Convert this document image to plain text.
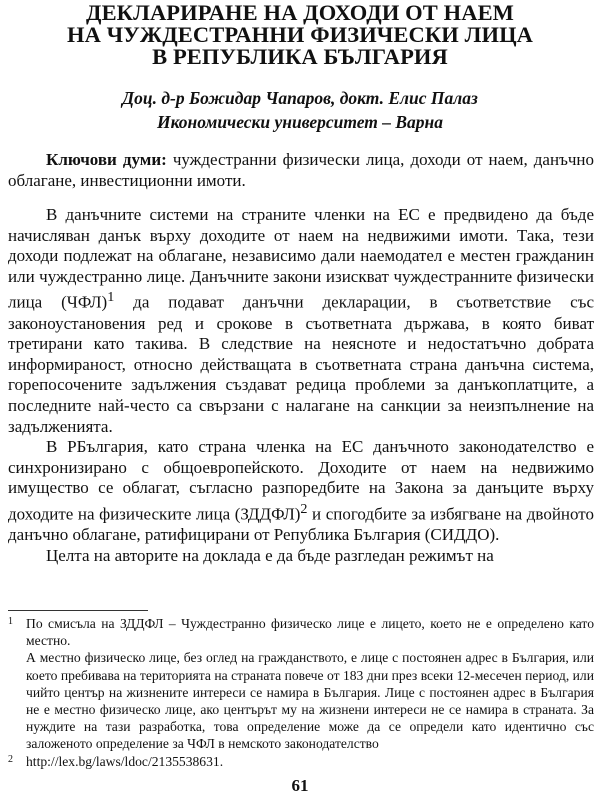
ДЕКЛАРИРАНЕ НА ДОХОДИ ОТ НАЕМ
НА ЧУЖДЕСТРАННИ ФИЗИЧЕСКИ ЛИЦА
В РЕПУБЛИКА БЪЛГАРИЯ
Доц. д-р Божидар Чапаров, докт. Елис Палаз
Икономически университет – Варна

Ключови думи: чуждестранни физически лица, доходи от наем, данъчно облагане, инвестиционни имоти.

В данъчните системи на страните членки на ЕС е предвидено да бъде начисляван данък върху доходите от наем на недвижими имоти. Така, тези доходи подлежат на облагане, независимо дали наемодател е местен гражданин или чуждестранно лице. Данъчните закони изискват чуждестранните физически лица (ЧФЛ)$^1$ да подават данъчни декларации, в съответствие със законоустановения ред и срокове в съответната държава, в която биват третирани като такива. В следствие на неясноте и недостатъчно добрата информираност, относно действащата в съответната страна данъчна система, горепосочените задължения създават редица проблеми за данъкоплатците, а последните най-често са свързани с налагане на санкции за неизпълнение на задълженията.

В РБългария, като страна членка на ЕС данъчното законодателство е синхронизирано с общоевропейското. Доходите от наем на недвижимо имущество се облагат, съгласно разпоредбите на Закона за данъците върху доходите на физическите лица (ЗДДФЛ)$^2$ и спогодбите за избягване на двойното данъчно облагане, ратифицирани от Република България (СИДДО).

Целта на авторите на доклада е да бъде разгледан режимът на

1 По смисъла на ЗДДФЛ – Чуждестранно физическо лице е лицето, което не е определено като местно.

А местно физическо лице, без оглед на гражданството, е лице с постоянен адрес в България, или което пребивава на територията на страната повече от 183 дни през всеки 12-месечен период, или чийто център на жизнените интереси се намира в България. Лице с постоянен адрес в България не е местно физическо лице, ако центърът му на жизнени интереси не се намира в страната. За нуждите на тази разработка, това определение може да се определи като идентично със заложеното определение за ЧФЛ в немското законодателство

2 http://lex.bg/laws/ldoc/2135538631.

61
